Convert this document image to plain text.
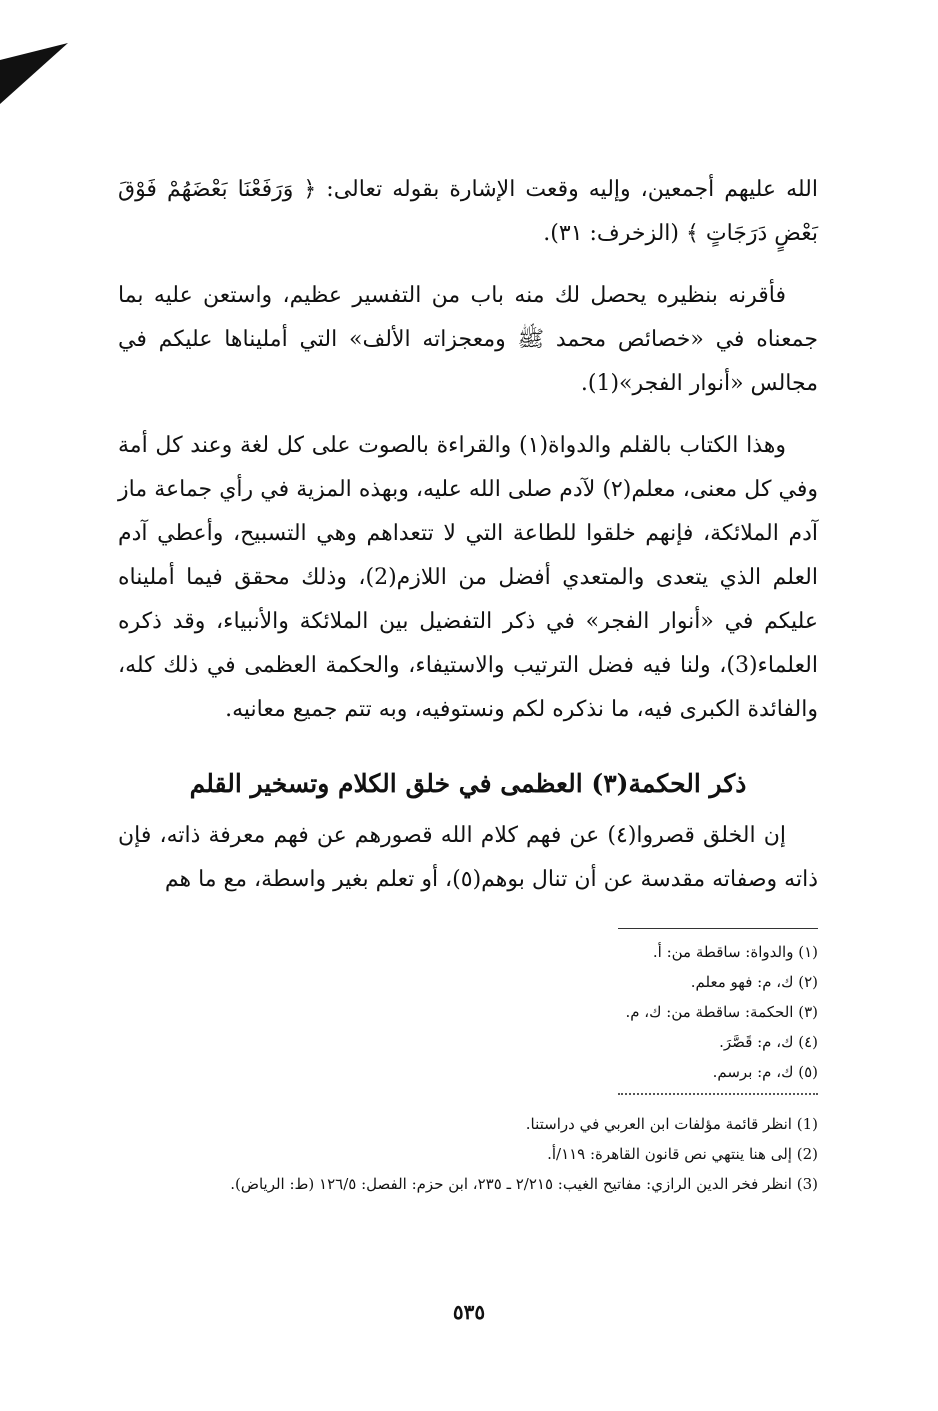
الله عليهم أجمعين، وإليه وقعت الإشارة بقوله تعالى: ﴿ وَرَفَعْنَا بَعْضَهُمْ فَوْقَ بَعْضٍ دَرَجَاتٍ ﴾ (الزخرف: ٣١).

فأقرنه بنظيره يحصل لك منه باب من التفسير عظيم، واستعن عليه بما جمعناه في «خصائص محمد ﷺ ومعجزاته الألف» التي أمليناها عليكم في مجالس «أنوار الفجر»(1).

وهذا الكتاب بالقلم والدواة(١) والقراءة بالصوت على كل لغة وعند كل أمة وفي كل معنى، معلم(٢) لآدم صلى الله عليه، وبهذه المزية في رأي جماعة ماز آدم الملائكة، فإنهم خلقوا للطاعة التي لا تتعداهم وهي التسبيح، وأعطي آدم العلم الذي يتعدى والمتعدي أفضل من اللازم(2)، وذلك محقق فيما أمليناه عليكم في «أنوار الفجر» في ذكر التفضيل بين الملائكة والأنبياء، وقد ذكره العلماء(3)، ولنا فيه فضل الترتيب والاستيفاء، والحكمة العظمى في ذلك كله، والفائدة الكبرى فيه، ما نذكره لكم ونستوفيه، وبه تتم جميع معانيه.

ذكر الحكمة(٣) العظمى في خلق الكلام وتسخير القلم

إن الخلق قصروا(٤) عن فهم كلام الله قصورهم عن فهم معرفة ذاته، فإن ذاته وصفاته مقدسة عن أن تنال بوهم(٥)، أو تعلم بغير واسطة، مع ما هم

(١) والدواة: ساقطة من: أ.

(٢) ك، م: فهو معلم.

(٣) الحكمة: ساقطة من: ك، م.

(٤) ك، م: قَصَّرَ.

(٥) ك، م: برسم.

(1) انظر قائمة مؤلفات ابن العربي في دراستنا.

(2) إلى هنا ينتهي نص قانون القاهرة: ١١٩/أ.

(3) انظر فخر الدين الرازي: مفاتيح الغيب: ٢/٢١٥ ـ ٢٣٥، ابن حزم: الفصل: ١٢٦/٥ (ط: الرياض).

٥٣٥
